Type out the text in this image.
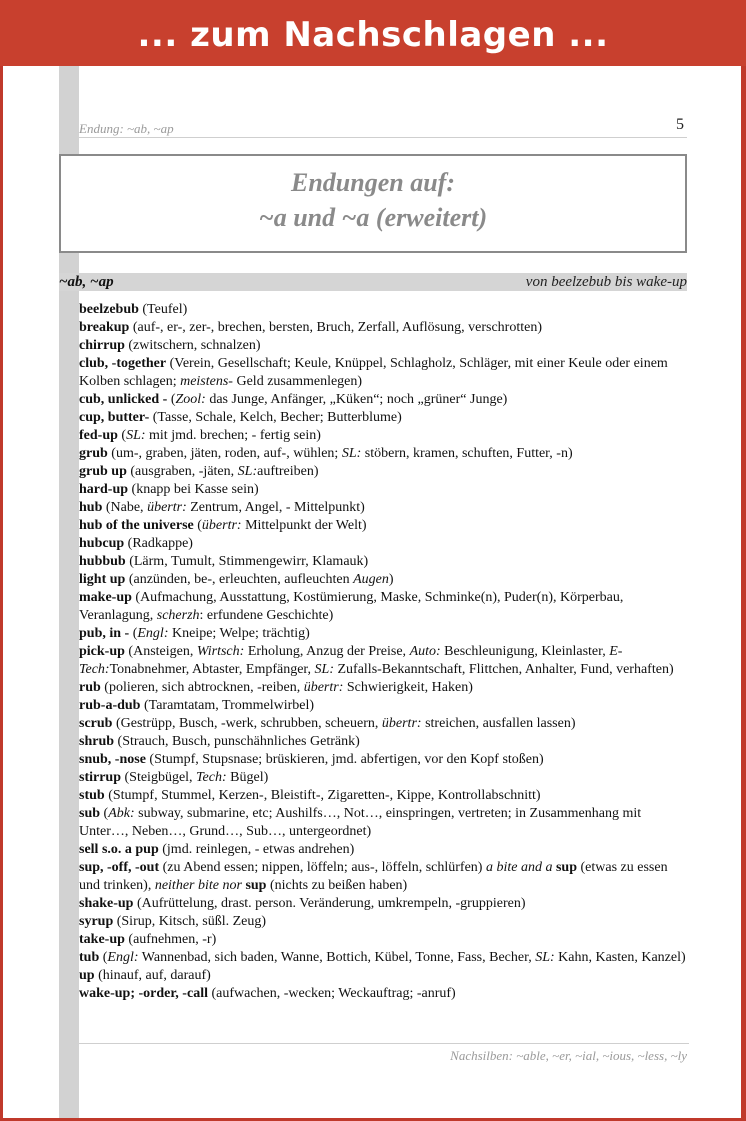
... zum Nachschlagen ...
Endung: ~ab, ~ap	5
Endungen auf:
~a und ~a (erweitert)
~ab, ~ap	von beelzebub bis wake-up
beelzebub (Teufel)
breakup (auf-, er-, zer-, brechen, bersten, Bruch, Zerfall, Auflösung, verschrotten)
chirrup (zwitschern, schnalzen)
club, -together (Verein, Gesellschaft; Keule, Knüppel, Schlagholz, Schläger, mit einer Keule oder einem Kolben schlagen; meistens- Geld zusammenlegen)
cub, unlicked - (Zool: das Junge, Anfänger, „Küken“; noch „grüner“ Junge)
cup, butter- (Tasse, Schale, Kelch, Becher; Butterblume)
fed-up (SL: mit jmd. brechen; - fertig sein)
grub (um-, graben, jäten, roden, auf-, wühlen; SL: stöbern, kramen, schuften, Futter, -n)
grub up (ausgraben, -jäten, SL:auftreiben)
hard-up (knapp bei Kasse sein)
hub (Nabe, übertr: Zentrum, Angel, - Mittelpunkt)
hub of the universe (übertr: Mittelpunkt der Welt)
hubcup (Radkappe)
hubbub (Lärm, Tumult, Stimmengewirr, Klamauk)
light up (anzünden, be-, erleuchten, aufleuchten Augen)
make-up (Aufmachung, Ausstattung, Kostümierung, Maske, Schminke(n), Puder(n), Körperbau, Veranlagung, scherzh: erfundene Geschichte)
pub, in - (Engl: Kneipe; Welpe; trächtig)
pick-up (Ansteigen, Wirtsch: Erholung, Anzug der Preise, Auto: Beschleunigung, Kleinlaster, E-Tech:Tonabnehmer, Abtaster, Empfänger, SL: Zufalls-Bekanntschaft, Flittchen, Anhalter, Fund, verhaften)
rub (polieren, sich abtrocknen, -reiben, übertr: Schwierigkeit, Haken)
rub-a-dub (Taramtatam, Trommelwirbel)
scrub (Gestrüpp, Busch, -werk, schrubben, scheuern, übertr: streichen, ausfallen lassen)
shrub (Strauch, Busch, punschähnliches Getränk)
snub, -nose (Stumpf, Stupsnase; brüskieren, jmd. abfertigen, vor den Kopf stoßen)
stirrup (Steigbügel, Tech: Bügel)
stub (Stumpf, Stummel, Kerzen-, Bleistift-, Zigaretten-, Kippe, Kontrollabschnitt)
sub (Abk: subway, submarine, etc; Aushilfs…, Not…, einspringen, vertreten; in Zusammenhang mit Unter…, Neben…, Grund…, Sub…, untergeordnet)
sell s.o. a pup (jmd. reinlegen, - etwas andrehen)
sup, -off, -out (zu Abend essen; nippen, löffeln; aus-, löffeln, schlürfen) a bite and a sup (etwas zu essen und trinken), neither bite nor sup (nichts zu beißen haben)
shake-up (Aufrüttelung, drast. person. Veränderung, umkrempeln, -gruppieren)
syrup (Sirup, Kitsch, süßl. Zeug)
take-up (aufnehmen, -r)
tub (Engl: Wannenbad, sich baden, Wanne, Bottich, Kübel, Tonne, Fass, Becher, SL: Kahn, Kasten, Kanzel)
up (hinauf, auf, darauf)
wake-up; -order, -call (aufwachen, -wecken; Weckauftrag; -anruf)
Nachsilben: ~able, ~er, ~ial, ~ious, ~less, ~ly
